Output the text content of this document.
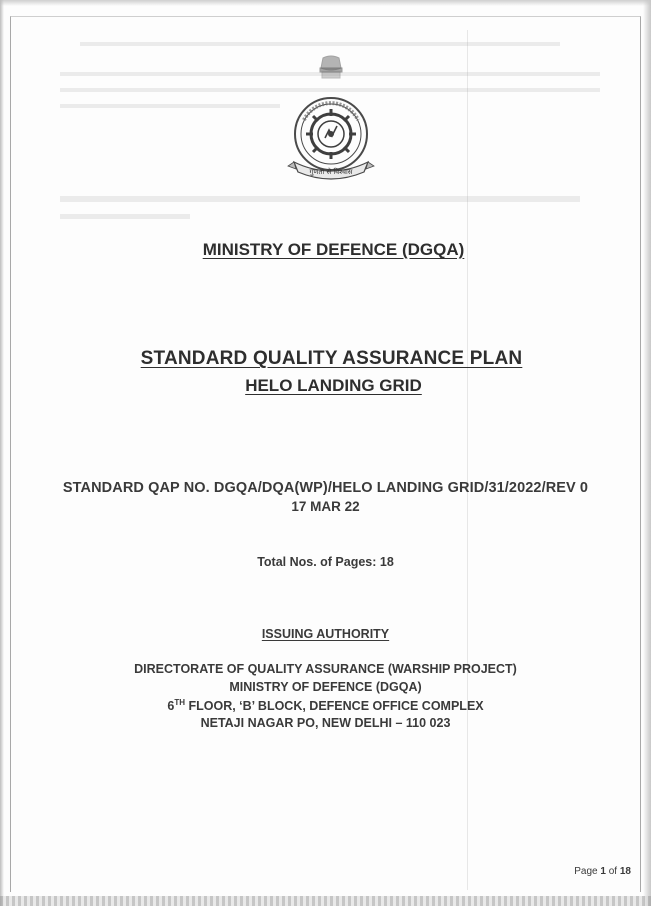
गुणता से विश्वास
MINISTRY OF DEFENCE (DGQA)
STANDARD QUALITY ASSURANCE PLAN
HELO LANDING GRID
STANDARD QAP NO. DGQA/DQA(WP)/HELO LANDING GRID/31/2022/REV 0
17 MAR 22
Total Nos. of Pages: 18
ISSUING AUTHORITY
DIRECTORATE OF QUALITY ASSURANCE (WARSHIP PROJECT)
MINISTRY OF DEFENCE (DGQA)
6TH FLOOR, ‘B’ BLOCK, DEFENCE OFFICE COMPLEX
NETAJI NAGAR PO, NEW DELHI – 110 023
Page 1 of 18
